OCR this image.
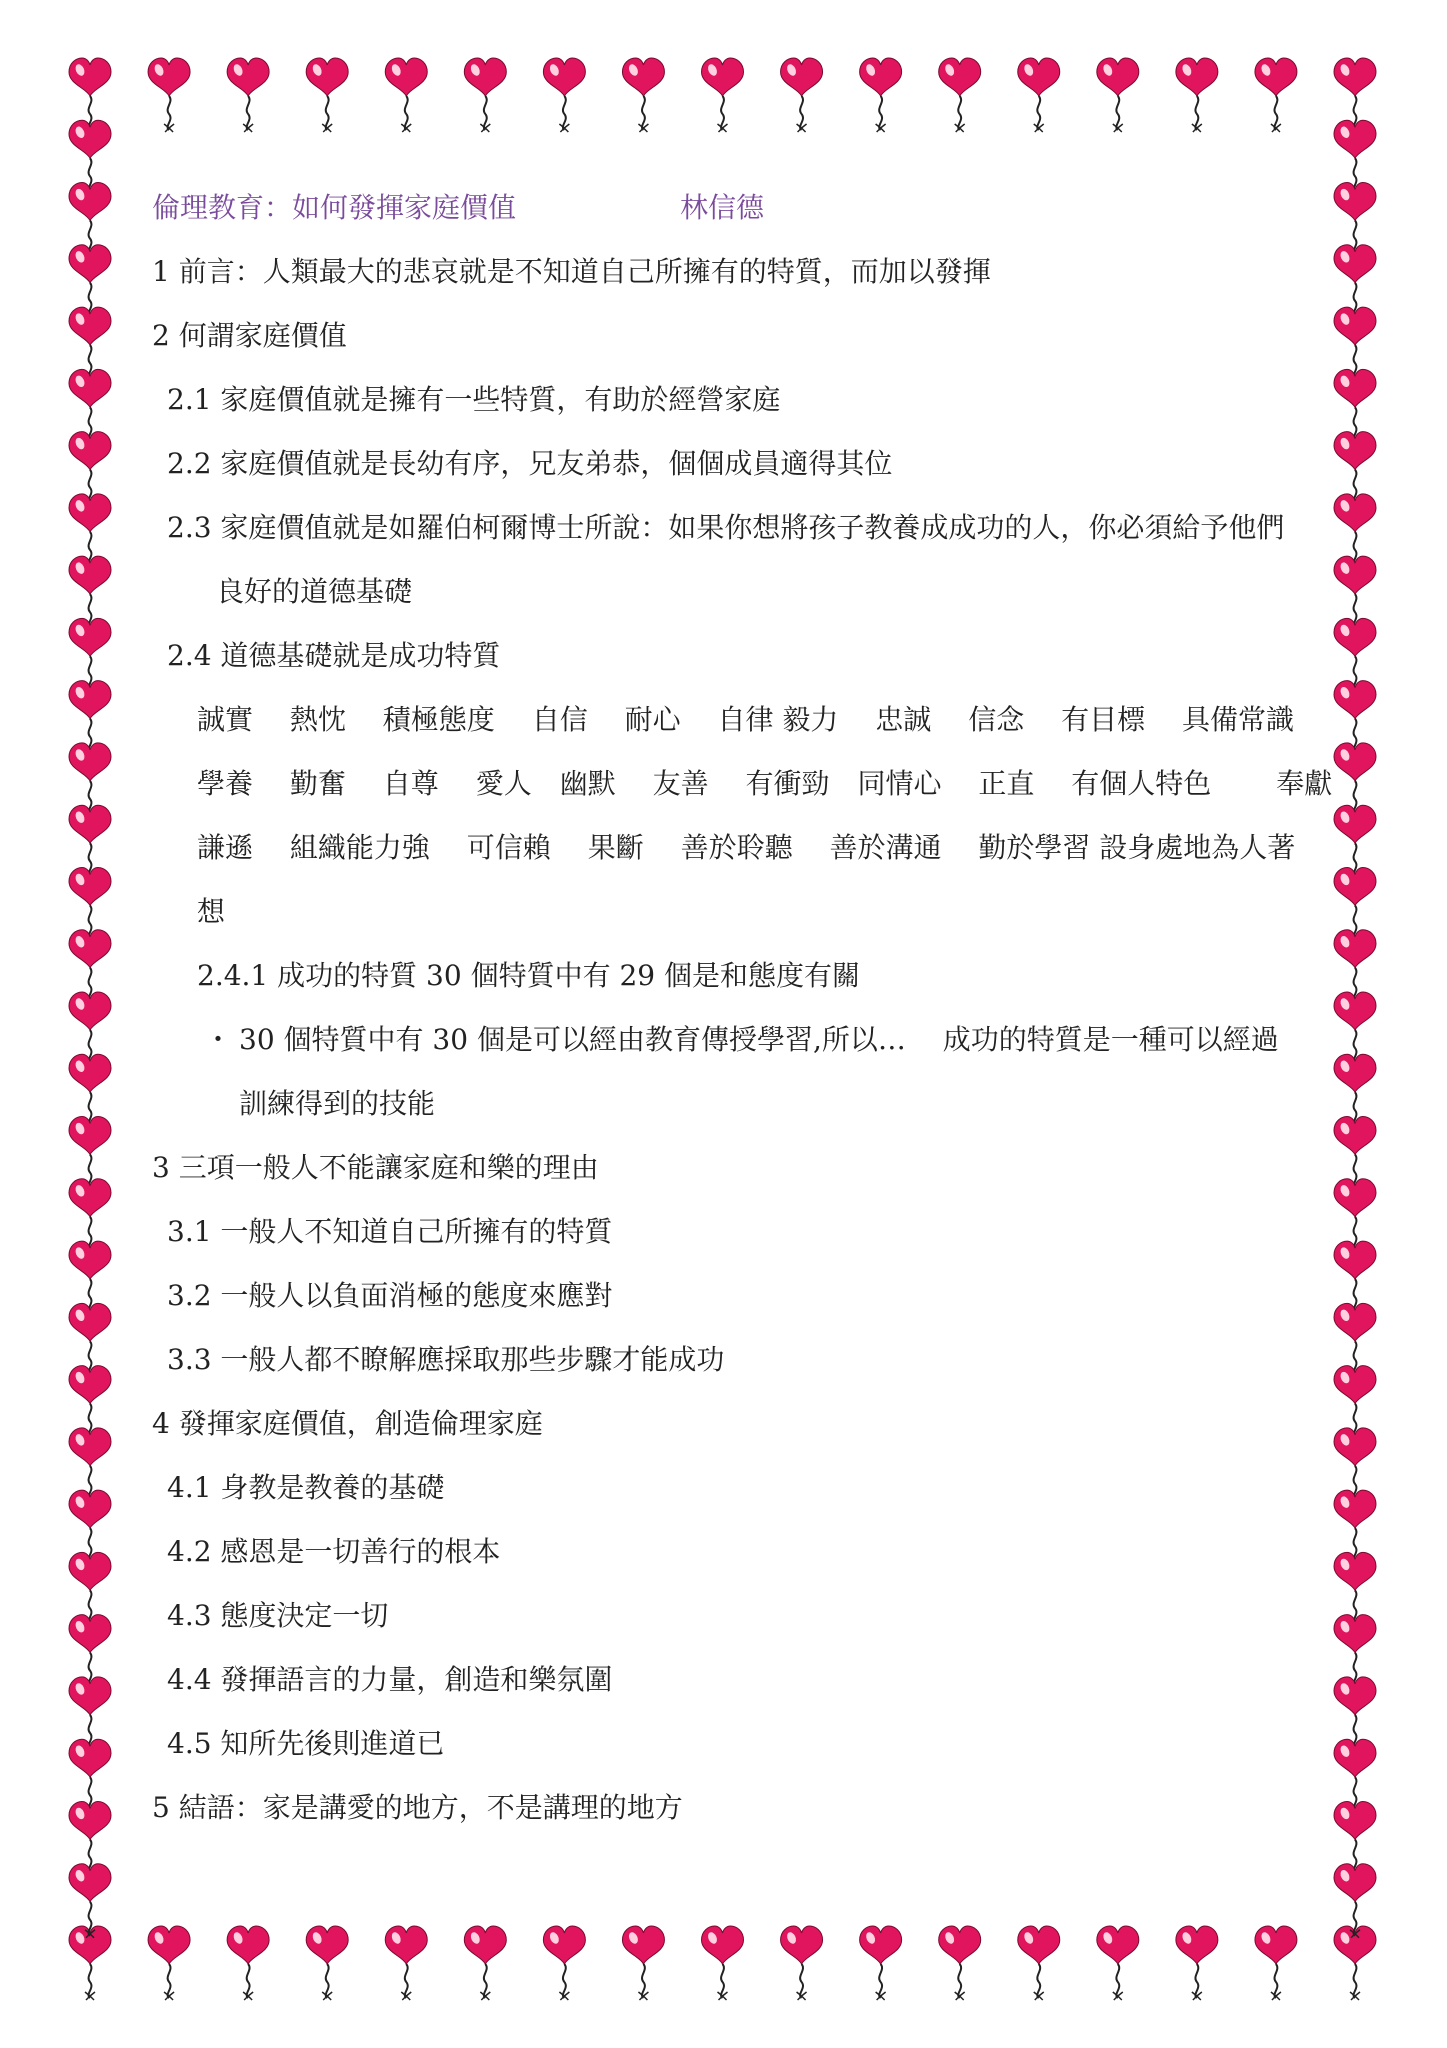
倫理教育：如何發揮家庭價值	林信德
1 前言：人類最大的悲哀就是不知道自己所擁有的特質，而加以發揮
2 何謂家庭價值
2.1 家庭價值就是擁有一些特質，有助於經營家庭
2.2 家庭價值就是長幼有序，兄友弟恭，個個成員適得其位
2.3 家庭價值就是如羅伯柯爾博士所說：如果你想將孩子教養成成功的人，你必須給予他們
良好的道德基礎
2.4 道德基礎就是成功特質
誠實　 熱忱　 積極態度　 自信　 耐心　 自律 毅力　 忠誠　 信念　 有目標　 具備常識
學養　 勤奮　 自尊　 愛人　幽默　 友善　 有衝勁　同情心　 正直　 有個人特色　　 奉獻
謙遜　 組織能力強　 可信賴　 果斷　 善於聆聽　 善於溝通　 勤於學習 設身處地為人著
想
2.4.1 成功的特質 30 個特質中有 29 個是和態度有關
・ 30 個特質中有 30 個是可以經由教育傳授學習,所以…　 成功的特質是一種可以經過
訓練得到的技能
3 三項一般人不能讓家庭和樂的理由
3.1 一般人不知道自己所擁有的特質
3.2 一般人以負面消極的態度來應對
3.3 一般人都不瞭解應採取那些步驟才能成功
4 發揮家庭價值，創造倫理家庭
4.1 身教是教養的基礎
4.2 感恩是一切善行的根本
4.3 態度決定一切
4.4 發揮語言的力量，創造和樂氛圍
4.5 知所先後則進道已
5 結語：家是講愛的地方，不是講理的地方
